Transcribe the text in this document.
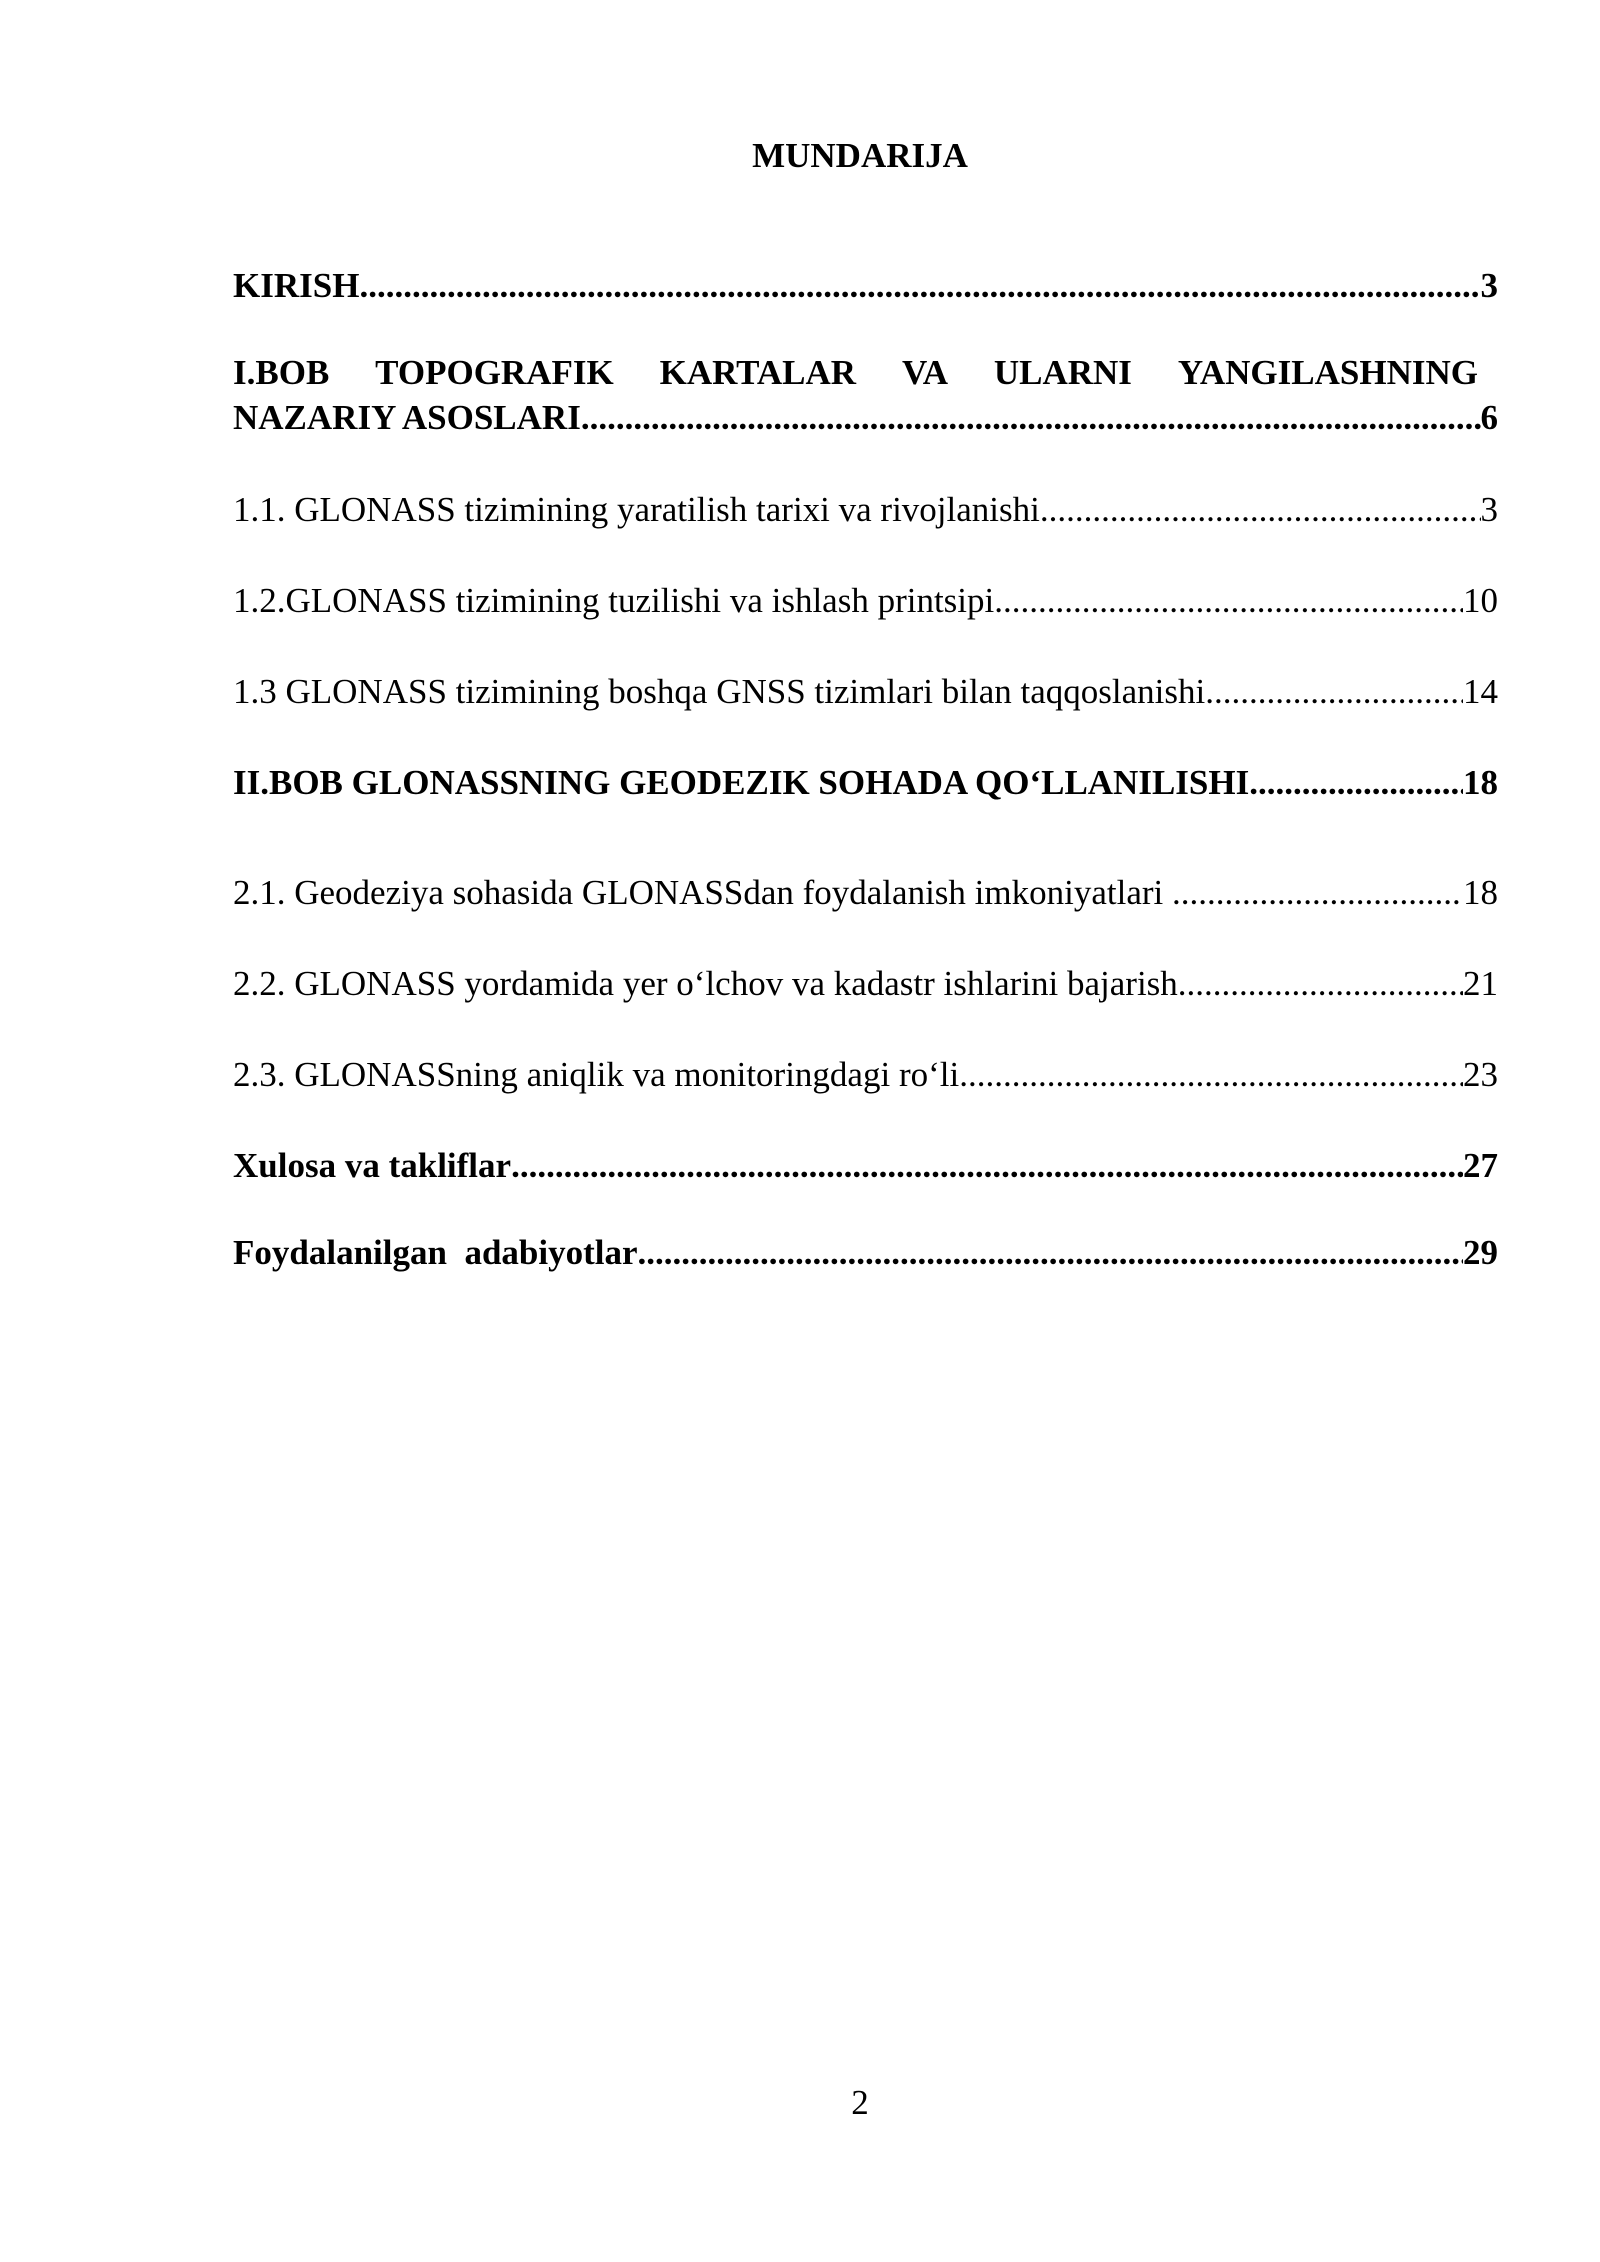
MUNDARIJA
KIRISH .....	3
I.BOB TOPOGRAFIK KARTALAR VA ULARNI YANGILASHNING
NAZARIY ASOSLARI .....	6
1.1. GLONASS tizimining yaratilish tarixi va rivojlanishi .....	3
1.2.GLONASS tizimining tuzilishi va ishlash printsipi .....	10
1.3 GLONASS tizimining boshqa GNSS tizimlari bilan taqqoslanishi .....	14
II.BOB GLONASSNING GEODEZIK SOHADA QO‘LLANILISHI .....	18
2.1. Geodeziya sohasida GLONASSdan foydalanish imkoniyatlari .....	18
2.2. GLONASS yordamida yer o‘lchov va kadastr ishlarini bajarish .....	21
2.3. GLONASSning aniqlik va monitoringdagi ro‘li .....	23
Xulosa va takliflar .....	27
Foydalanilgan  adabiyotlar .....	29
2
